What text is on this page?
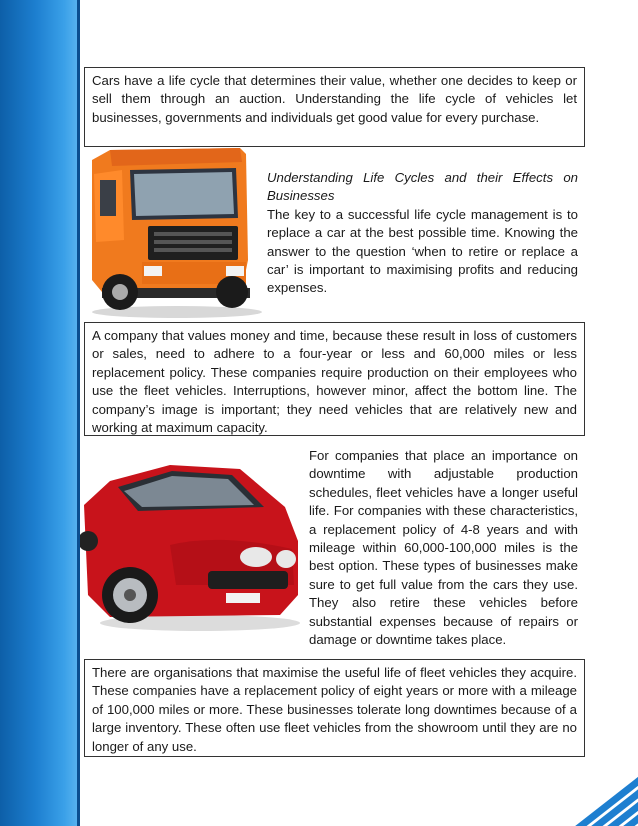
Cars have a life cycle that determines their value, whether one decides to keep or sell them through an auction. Understanding the life cycle of vehicles let businesses, governments and individuals get good value for every purchase.

Understanding Life Cycles and their Effects on Businesses

The key to a successful life cycle management is to replace a car at the best possible time. Knowing the answer to the question ‘when to retire or replace a car’ is important to maximising profits and reducing expenses.

A company that values money and time, because these result in loss of customers or sales, need to adhere to a four-year or less and 60,000 miles or less replacement policy. These companies require production on their employees who use the fleet vehicles. Interruptions, however minor, affect the bottom line. The company’s image is important; they need vehicles that are relatively new and working at maximum capacity.

For companies that place an importance on downtime with adjustable production schedules, fleet vehicles have a longer useful life. For companies with these characteristics, a replacement policy of 4-8 years and with mileage within 60,000-100,000 miles is the best option. These types of businesses make sure to get full value from the cars they use. They also retire these vehicles before substantial expenses because of repairs or damage or downtime takes place.

There are organisations that maximise the useful life of fleet vehicles they acquire. These companies have a replacement policy of eight years or more with a mileage of 100,000 miles or more. These businesses tolerate long downtimes because of a large inventory. These often use fleet vehicles from the showroom until they are no longer of any use.
